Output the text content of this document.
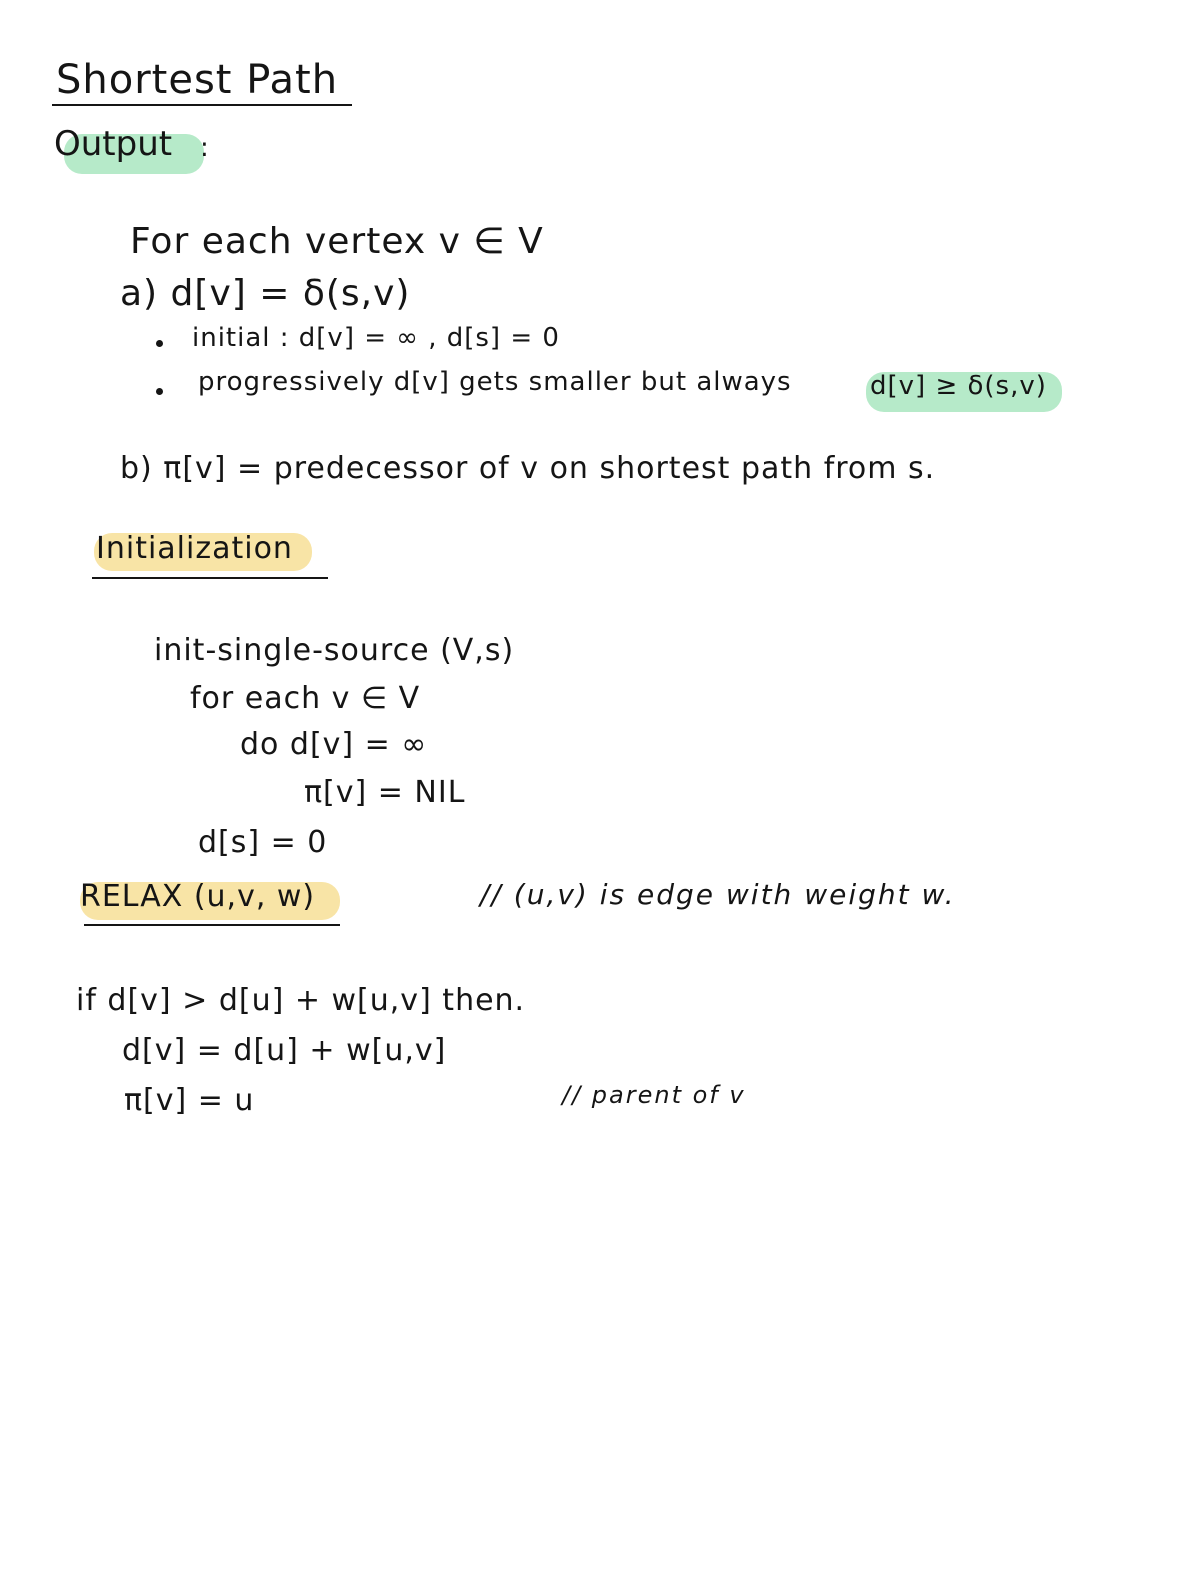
Shortest Path
Output :
For each vertex v ∈ V
a) d[v] = δ(s,v)
initial : d[v] = ∞ , d[s] = 0
progressively d[v] gets smaller but always	d[v] ≥ δ(s,v)
b) π[v] = predecessor of v on shortest path from s.
Initialization
init-single-source (V,s)
for each v ∈ V
do d[v] = ∞
π[v] = NIL
d[s] = 0
RELAX (u,v, w)	// (u,v) is edge with weight w.
if d[v] > d[u] + w[u,v] then.
d[v] = d[u] + w[u,v]
π[v] = u	// parent of v
